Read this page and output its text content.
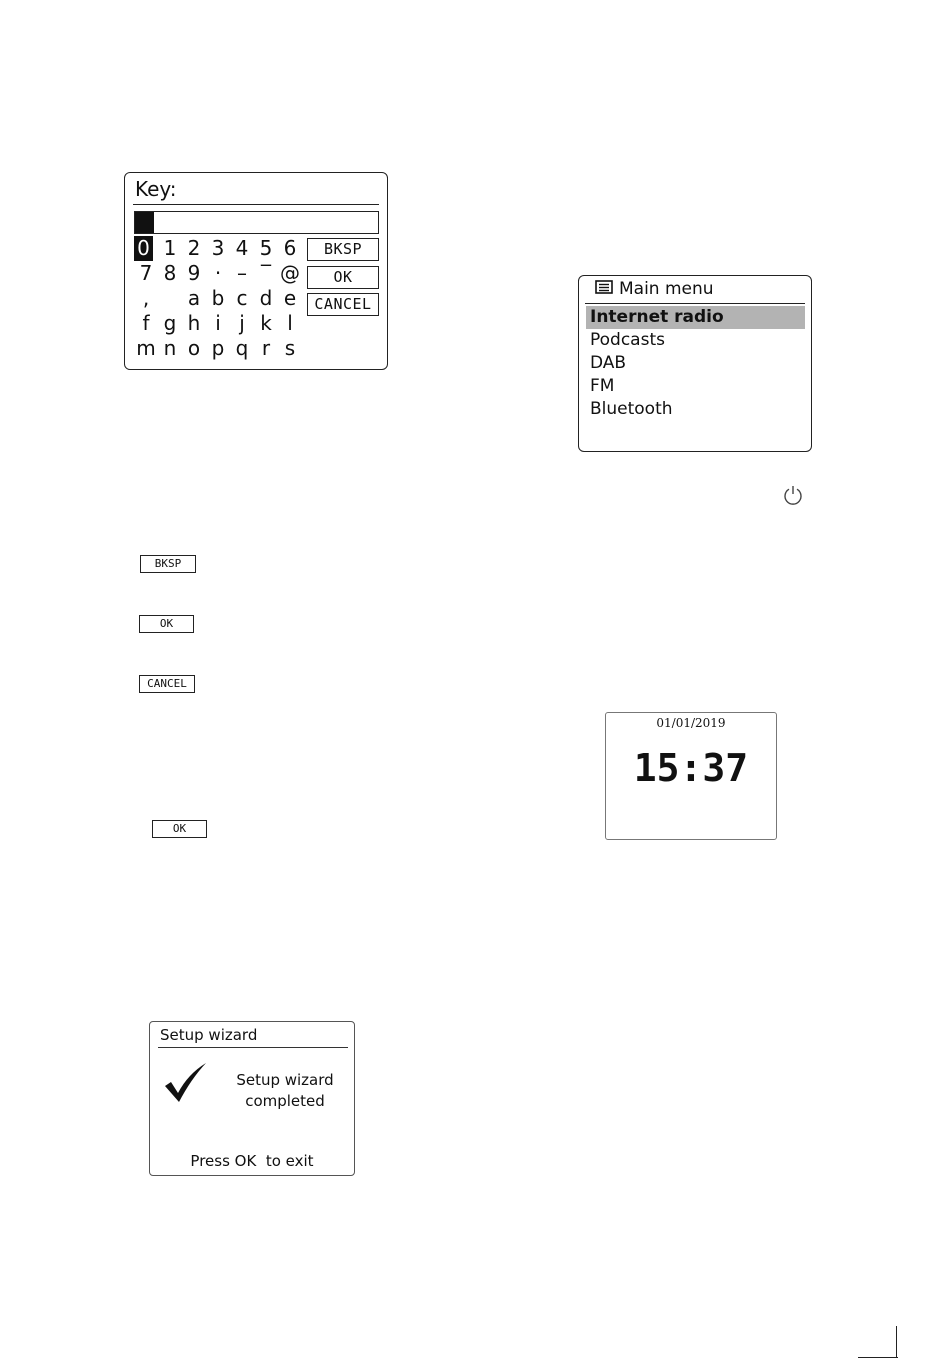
Key:
0 1 2 3 4 5 6
7 8 9 · – ‾ @
,	a b c d e
f g h i j k l
m n o p q r s
BKSP
OK
CANCEL
Main menu
Internet radio
Podcasts
DAB
FM
Bluetooth
BKSP
OK
CANCEL
OK
01/01/2019
15:37
Setup wizard
Setup wizard
completed
Press OK  to exit
